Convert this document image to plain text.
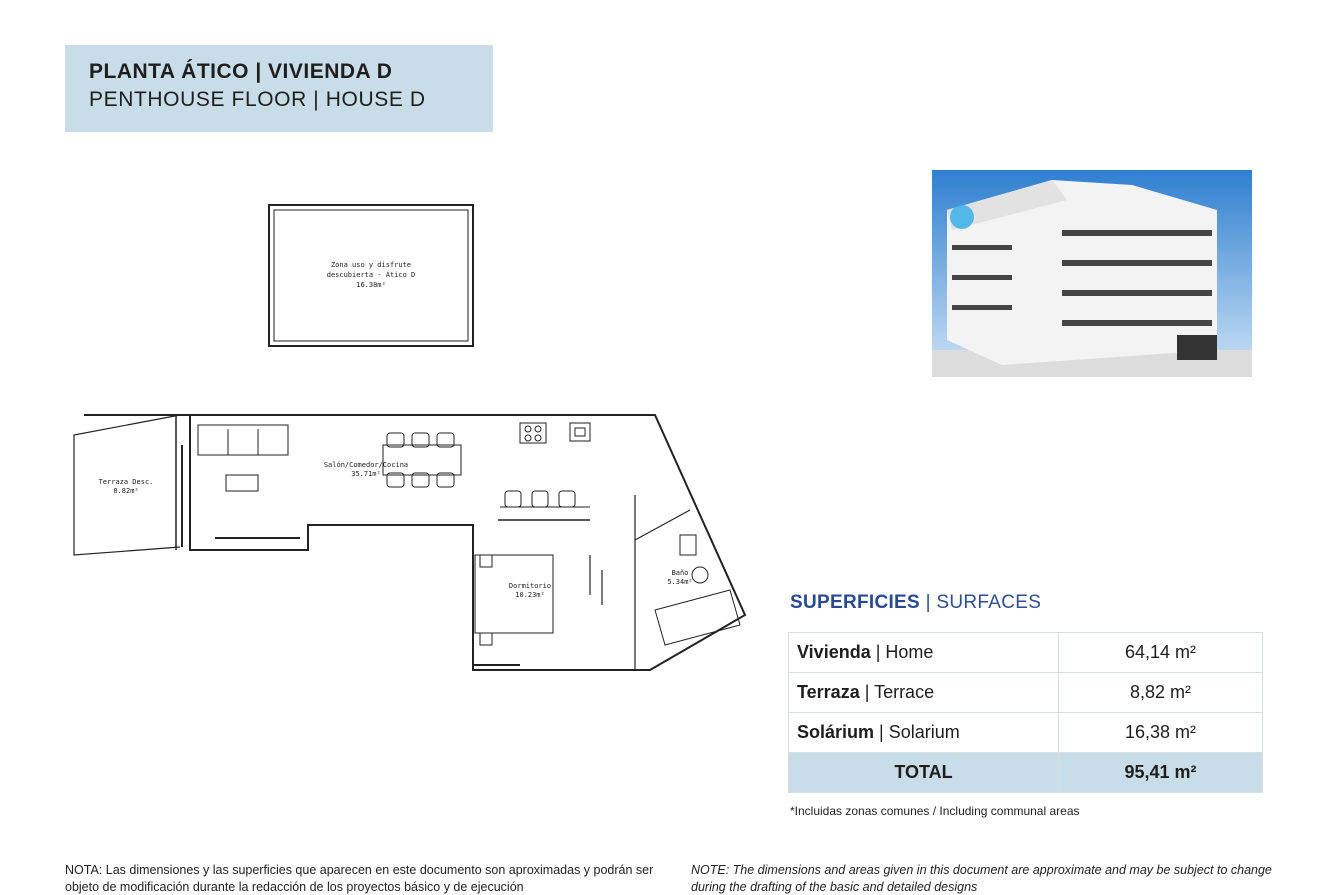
PLANTA ÁTICO | VIVIENDA D
PENTHOUSE FLOOR | HOUSE D
Zona uso y disfrute
descubierta - Ático D
16.38m²
Terraza Desc.
8.82m²
Salón/Comedor/Cocina
35.71m²
Dormitorio
10.23m²
Baño
5.34m²
SUPERFICIES | SURFACES
Vivienda | Home	64,14 m²
Terraza | Terrace	8,82 m²
Solárium | Solarium	16,38 m²
TOTAL	95,41 m²
*Incluidas zonas comunes / Including communal areas
NOTA: Las dimensiones y las superficies que aparecen en este documento son aproximadas y podrán ser objeto de modificación durante la redacción de los proyectos básico y de ejecución
NOTE: The dimensions and areas given in this document are approximate and may be subject to change during the drafting of the basic and detailed designs
